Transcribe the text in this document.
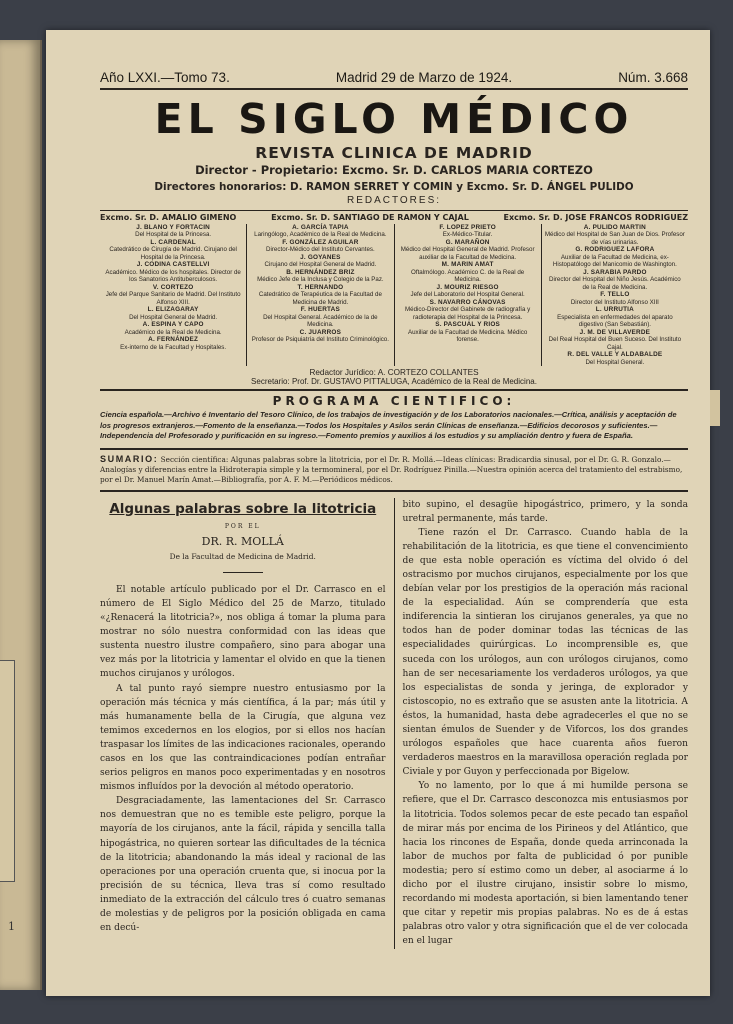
1
Año LXXI.—Tomo 73.	Madrid 29 de Marzo de 1924.	Núm. 3.668
EL SIGLO MÉDICO
REVISTA CLINICA DE MADRID
Director - Propietario: Excmo. Sr. D. CARLOS MARIA CORTEZO
Directores honorarios: D. RAMON SERRET Y COMIN y Excmo. Sr. D. ÁNGEL PULIDO
REDACTORES:
Excmo. Sr. D. AMALIO GIMENO	Excmo. Sr. D. SANTIAGO DE RAMON Y CAJAL	Excmo. Sr. D. JOSE FRANCOS RODRIGUEZ
J. BLANO Y FORTACIN
Del Hospital de la Princesa.
L. CARDENAL
Catedrático de Cirugía de Madrid. Cirujano del Hospital de la Princesa.
J. CODINA CASTELLVI
Académico. Médico de los hospitales. Director de los Sanatorios Antituberculosos.
V. CORTEZO
Jefe del Parque Sanitario de Madrid. Del Instituto Alfonso XIII.
L. ELIZAGARAY
Del Hospital General de Madrid.
A. ESPINA Y CAPO
Académico de la Real de Medicina.
A. FERNÁNDEZ
Ex-interno de la Facultad y Hospitales.
A. GARCÍA TAPIA
Laringólogo, Académico de la Real de Medicina.
F. GONZÁLEZ AGUILAR
Director-Médico del Instituto Cervantes.
J. GOYANES
Cirujano del Hospital General de Madrid.
B. HERNÁNDEZ BRIZ
Médico Jefe de la Inclusa y Colegio de la Paz.
T. HERNANDO
Catedrático de Terapéutica de la Facultad de Medicina de Madrid.
F. HUERTAS
Del Hospital General. Académico de la de Medicina.
C. JUARROS
Profesor de Psiquiatría del Instituto Criminológico.
F. LOPEZ PRIETO
Ex-Médico-Titular.
G. MARAÑON
Médico del Hospital General de Madrid. Profesor auxiliar de la Facultad de Medicina.
M. MARIN AMAT
Oftalmólogo. Académico C. de la Real de Medicina.
J. MOURIZ RIESGO
Jefe del Laboratorio del Hospital General.
S. NAVARRO CÁNOVAS
Médico-Director del Gabinete de radiografía y radioterapia del Hospital de la Princesa.
S. PASCUAL Y RIOS
Auxiliar de la Facultad de Medicina. Médico forense.
A. PULIDO MARTIN
Médico del Hospital de San Juan de Dios. Profesor de vías urinarias.
G. RODRIGUEZ LAFORA
Auxiliar de la Facultad de Medicina, ex-Histopatólogo del Manicomio de Washington.
J. SARABIA PARDO
Director del Hospital del Niño Jesús. Académico de la Real de Medicina.
F. TELLO
Director del Instituto Alfonso XIII
L. URRUTIA
Especialista en enfermedades del aparato digestivo (San Sebastián).
J. M. DE VILLAVERDE
Del Real Hospital del Buen Suceso. Del Instituto Cajal.
R. DEL VALLE Y ALDABALDE
Del Hospital General.
Redactor Jurídico: A. CORTEZO COLLANTES
Secretario: Prof. Dr. GUSTAVO PITTALUGA, Académico de la Real de Medicina.
PROGRAMA CIENTIFICO:
Ciencia española.—Archivo é Inventario del Tesoro Clínico, de los trabajos de investigación y de los Laboratorios nacionales.—Crítica, análisis y aceptación de los progresos extranjeros.—Fomento de la enseñanza.—Todos los Hospitales y Asilos serán Clínicas de enseñanza.—Edificios decorosos y suficientes.—Independencia del Profesorado y purificación en su ingreso.—Fomento premios y auxilios á los estudios y su ampliación dentro y fuera de España.
SUMARIO: Sección científica: Algunas palabras sobre la litotricia, por el Dr. R. Mollá.—Ideas clínicas: Bradicardia sinusal, por el Dr. G. R. Gonzalo.—Analogías y diferencias entre la Hidroterapia simple y la termomineral, por el Dr. Rodríguez Pinilla.—Nuestra opinión acerca del tratamiento del estrabismo, por el Dr. Manuel Marín Amat.—Bibliografía, por A. F. M.—Periódicos médicos.
Algunas palabras sobre la litotricia
POR EL
DR. R. MOLLÁ
De la Facultad de Medicina de Madrid.

El notable artículo publicado por el Dr. Carrasco en el número de El Siglo Médico del 25 de Marzo, titulado «¿Renacerá la litotricia?», nos obliga á tomar la pluma para mostrar no sólo nuestra conformidad con las ideas que sustenta nuestro ilustre compañero, sino para abogar una vez más por la litotricia y lamentar el olvido en que la tienen muchos cirujanos y urólogos.

A tal punto rayó siempre nuestro entusiasmo por la operación más técnica y más científica, á la par; más útil y más humanamente bella de la Cirugía, que alguna vez temimos excedernos en los elogios, por si ellos nos hacían traspasar los límites de las indicaciones racionales, operando casos en los que las contraindicaciones podían entrañar serios peligros en manos poco experimentadas y en nosotros mismos influídos por la devoción al método operatorio.

Desgraciadamente, las lamentaciones del Sr. Carrasco nos demuestran que no es temible este peligro, porque la mayoría de los cirujanos, ante la fácil, rápida y sencilla talla hipogástrica, no quieren sortear las dificultades de la técnica de la litotricia; abandonando la más ideal y racional de las operaciones por una operación cruenta que, si inocua por la precisión de su técnica, lleva tras sí como resultado inmediato de la extracción del cálculo tres ó cuatro semanas de molestias y de peligros por la posición obligada en cama en decú-

bito supino, el desagüe hipogástrico, primero, y la sonda uretral permanente, más tarde.

Tiene razón el Dr. Carrasco. Cuando habla de la rehabilitación de la litotricia, es que tiene el convencimiento de que esta noble operación es víctima del olvido ó del ostracismo por muchos cirujanos, especialmente por los que debían velar por los prestigios de la operación más racional de la especialidad. Aún se comprendería que esta indiferencia la sintieran los cirujanos generales, ya que no todos han de poder dominar todas las técnicas de las especialidades quirúrgicas. Lo incomprensible es, que suceda con los urólogos, aun con urólogos cirujanos, como han de ser necesariamente los verdaderos urólogos, ya que los especialistas de sonda y jeringa, de explorador y cistoscopio, no es extraño que se asusten ante la litotricia. A éstos, la humanidad, hasta debe agradecerles el que no se sientan émulos de Suender y de Viforcos, los dos grandes urólogos españoles que hace cuarenta años fueron verdaderos maestros en la maravillosa operación reglada por Civiale y por Guyon y perfeccionada por Bigelow.

Yo no lamento, por lo que á mi humilde persona se refiere, que el Dr. Carrasco desconozca mis entusiasmos por la litotricia. Todos solemos pecar de este pecado tan español de mirar más por encima de los Pirineos y del Atlántico, que hacia los rincones de España, donde queda arrinconada la labor de muchos por falta de publicidad ó por punible modestia; pero sí estimo como un deber, al asociarme á lo dicho por el ilustre cirujano, insistir sobre lo mismo, recordando mi modesta aportación, si bien lamentando tener que citar y repetir mis propias palabras. No es de á estas palabras otro valor y otra significación que el de ver colocada en el lugar
